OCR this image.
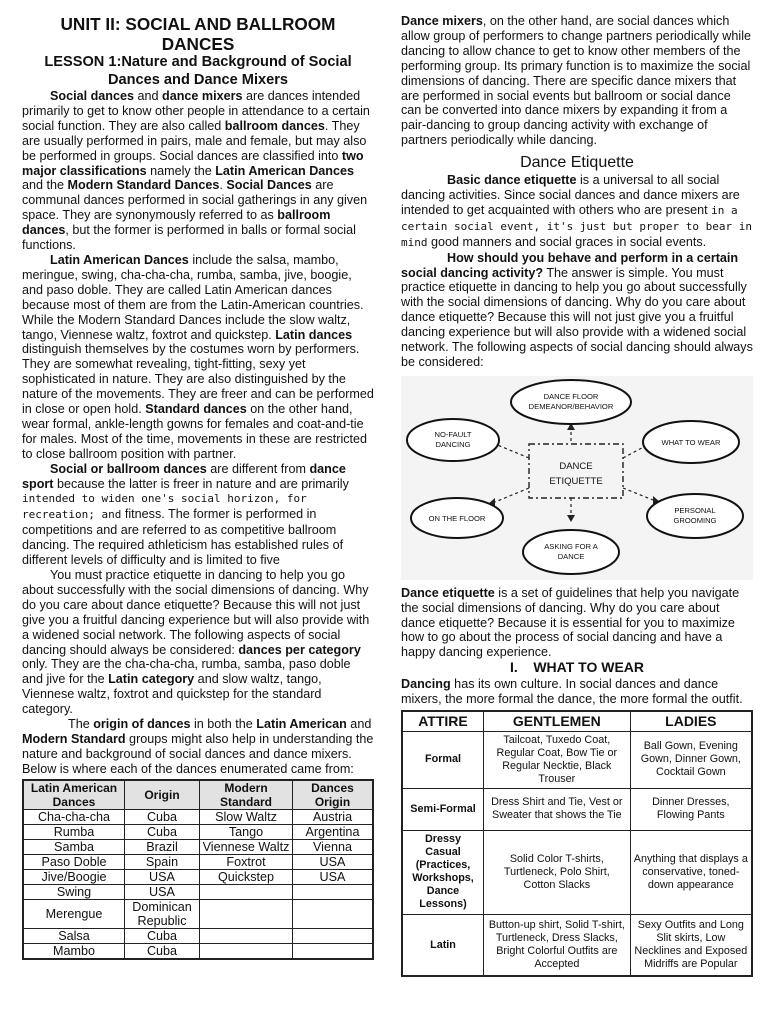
UNIT II: SOCIAL AND BALLROOM DANCES
LESSON 1:Nature and Background of Social Dances and Dance Mixers

Social dances and dance mixers are dances intended primarily to get to know other people in attendance to a certain social function. They are also called ballroom dances. They are usually performed in pairs, male and female, but may also be performed in groups. Social dances are classified into two major classifications namely the Latin American Dances and the Modern Standard Dances. Social Dances are communal dances performed in social gatherings in any given space. They are synonymously referred to as ballroom dances, but the former is performed in balls or formal social functions.

Latin American Dances include the salsa, mambo, meringue, swing, cha-cha-cha, rumba, samba, jive, boogie, and paso doble. They are called Latin American dances because most of them are from the Latin-American countries. While the Modern Standard Dances include the slow waltz, tango, Viennese waltz, foxtrot and quickstep. Latin dances distinguish themselves by the costumes worn by performers. They are somewhat revealing, tight-fitting, sexy yet sophisticated in nature. They are also distinguished by the nature of the movements. They are freer and can be performed in close or open hold. Standard dances on the other hand, wear formal, ankle-length gowns for females and coat-and-tie for males. Most of the time, movements in these are restricted to close ballroom position with partner.

Social or ballroom dances are different from dance sport because the latter is freer in nature and are primarily intended to widen one's social horizon, for recreation; and fitness. The former is performed in competitions and are referred to as competitive ballroom dancing. The required athleticism has established rules of different levels of difficulty and is limited to five

You must practice etiquette in dancing to help you go about successfully with the social dimensions of dancing. Why do you care about dance etiquette? Because this will not just give you a fruitful dancing experience but will also provide with a widened social network. The following aspects of social dancing should always be considered: dances per category only. They are the cha-cha-cha, rumba, samba, paso doble and jive for the Latin category and slow waltz, tango, Viennese waltz, foxtrot and quickstep for the standard category.

The origin of dances in both the Latin American and Modern Standard groups might also help in understanding the nature and background of social dances and dance mixers. Below is where each of the dances enumerated came from:

Latin American Dances	Origin	Modern Standard	Dances Origin
Cha-cha-cha	Cuba	Slow Waltz	Austria
Rumba	Cuba	Tango	Argentina
Samba	Brazil	Viennese Waltz	Vienna
Paso Doble	Spain	Foxtrot	USA
Jive/Boogie	USA	Quickstep	USA
Swing	USA		
Merengue	Dominican Republic		
Salsa	Cuba		
Mambo	Cuba		

Dance mixers, on the other hand, are social dances which allow group of performers to change partners periodically while dancing to allow chance to get to know other members of the performing group. Its primary function is to maximize the social dimensions of dancing. There are specific dance mixers that are performed in social events but ballroom or social dance can be converted into dance mixers by expanding it from a pair-dancing to group dancing activity with exchange of partners periodically while dancing.

Dance Etiquette

Basic dance etiquette is a universal to all social dancing activities. Since social dances and dance mixers are intended to get acquainted with others who are present in a certain social event, it's just but proper to bear in mind good manners and social graces in social events.

How should you behave and perform in a certain social dancing activity? The answer is simple. You must practice etiquette in dancing to help you go about successfully with the social dimensions of dancing. Why do you care about dance etiquette? Because this will not just give you a fruitful dancing experience but will also provide with a widened social network. The following aspects of social dancing should always be considered:

DANCE
ETIQUETTE
DANCE FLOOR
DEMEANOR/BEHAVIOR
NO-FAULT
DANCING	WHAT TO WEAR
ON THE FLOOR
PERSONAL
GROOMING
ASKING FOR A
DANCE

Dance etiquette is a set of guidelines that help you navigate the social dimensions of dancing. Why do you care about dance etiquette? Because it is essential for you to maximize how to go about the process of social dancing and have a happy dancing experience.

I.    WHAT TO WEAR

Dancing has its own culture. In social dances and dance mixers, the more formal the dance, the more formal the outfit.

ATTIRE	GENTLEMEN	LADIES
Formal	Tailcoat, Tuxedo Coat, Regular Coat, Bow Tie or Regular Necktie, Black Trouser	Ball Gown, Evening Gown, Dinner Gown, Cocktail Gown
Semi-Formal	Dress Shirt and Tie, Vest or Sweater that shows the Tie	Dinner Dresses, Flowing Pants
Dressy Casual (Practices, Workshops, Dance Lessons)	Solid Color T-shirts, Turtleneck, Polo Shirt, Cotton Slacks	Anything that displays a conservative, toned-down appearance
Latin	Button-up shirt, Solid T-shirt, Turtleneck, Dress Slacks, Bright Colorful Outfits are Accepted	Sexy Outfits and Long Slit skirts, Low Necklines and Exposed Midriffs are Popular
